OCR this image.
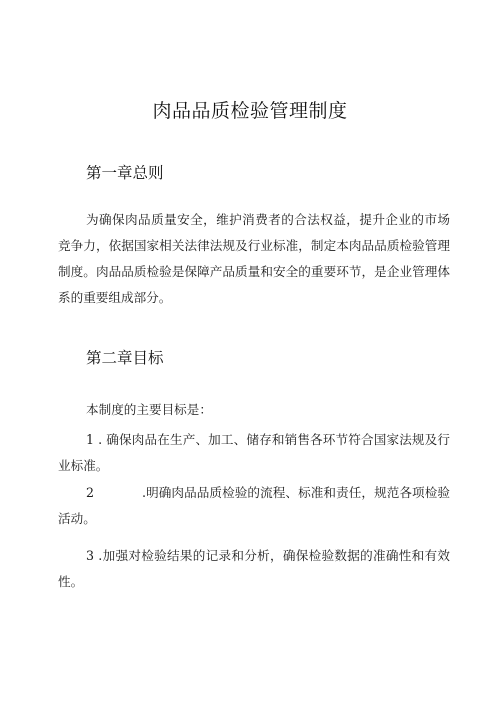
肉品品质检验管理制度
第一章总则
为确保肉品质量安全，维护消费者的合法权益，提升企业的市场竞争力，依据国家相关法律法规及行业标准，制定本肉品品质检验管理制度。肉品品质检验是保障产品质量和安全的重要环节，是企业管理体系的重要组成部分。
第二章目标
本制度的主要目标是：
1 . 确保肉品在生产、加工、储存和销售各环节符合国家法规及行业标准。
2	.明确肉品品质检验的流程、标准和责任，规范各项检验活动。
3 .加强对检验结果的记录和分析，确保检验数据的准确性和有效性。
